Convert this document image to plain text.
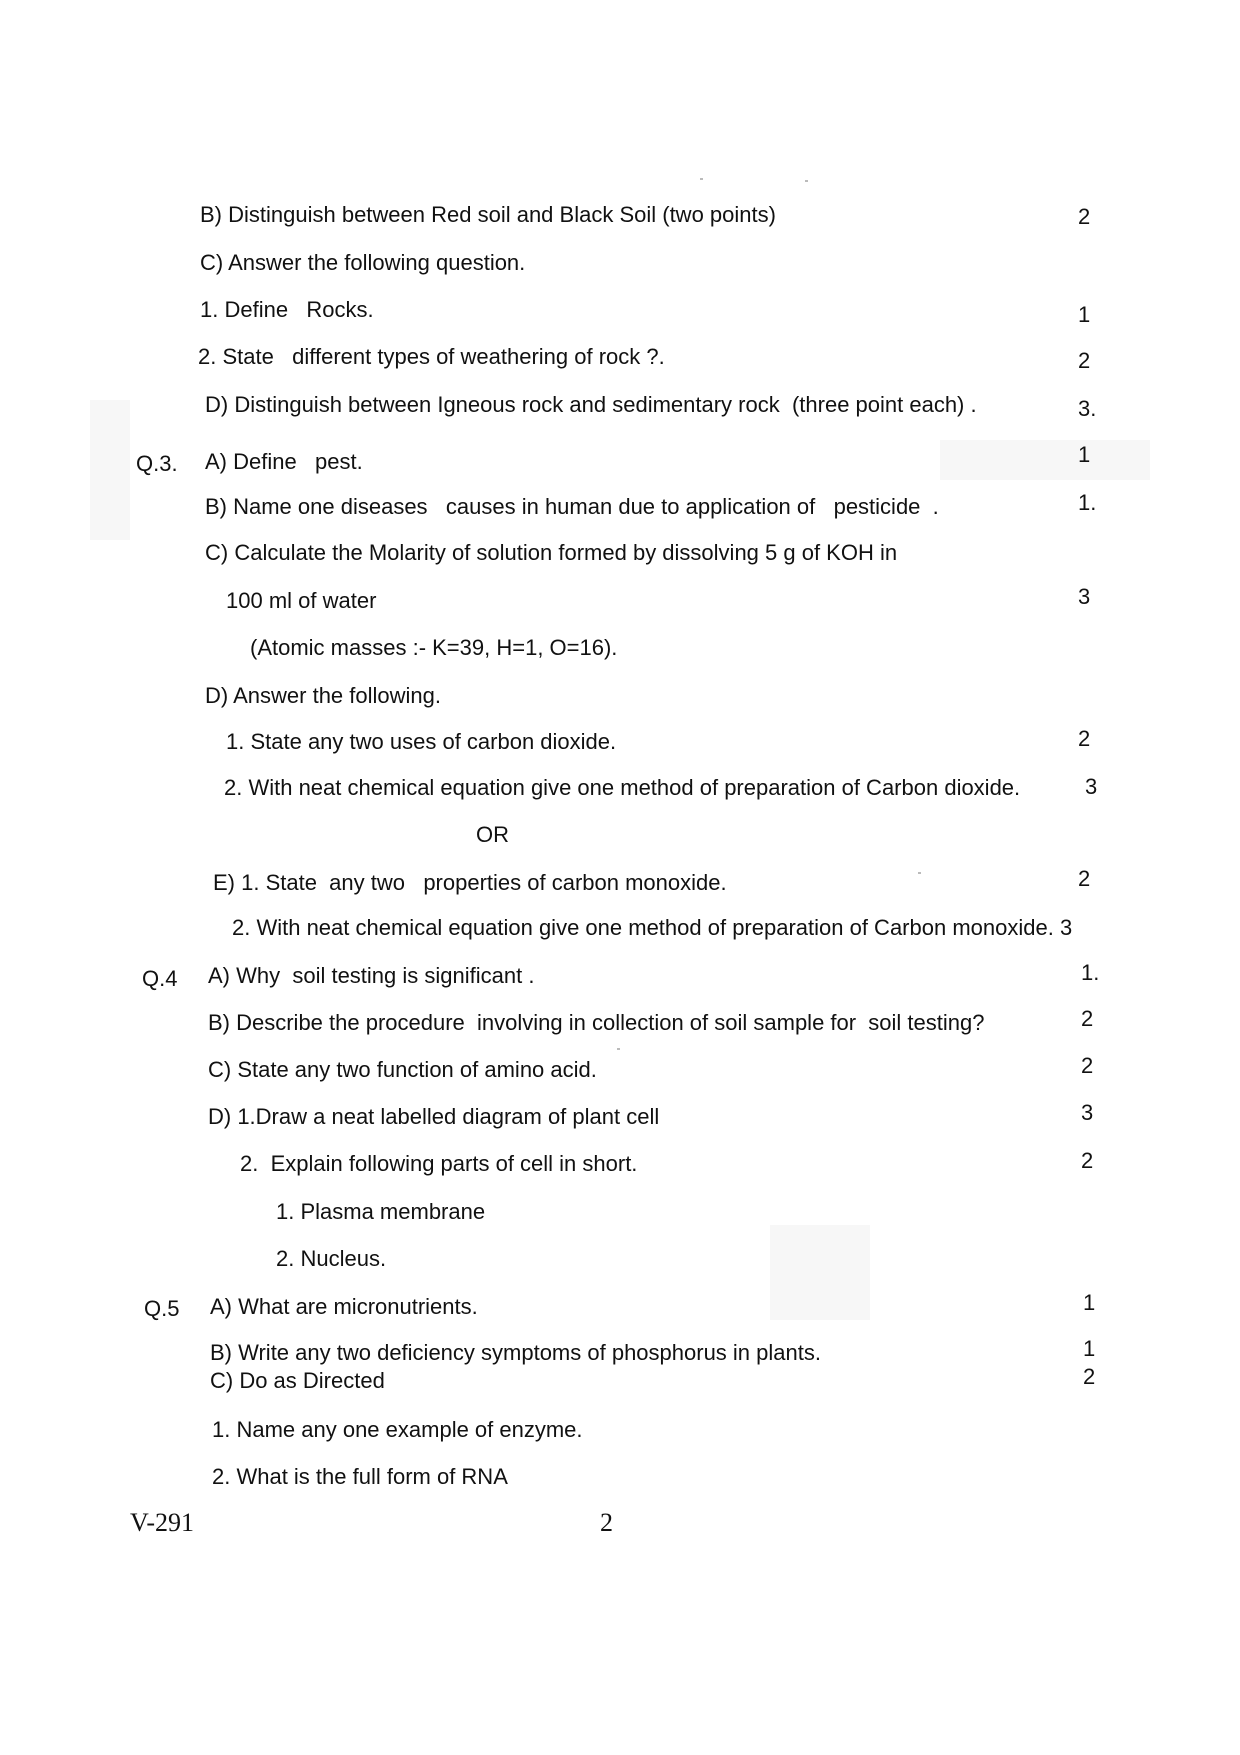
B) Distinguish between Red soil and Black Soil (two points)	2
C) Answer the following question.
1. Define   Rocks.	1
2. State   different types of weathering of rock ?.	2
D) Distinguish between Igneous rock and sedimentary rock  (three point each) .	3.
Q.3. A) Define   pest.	1
B) Name one diseases   causes in human due to application of   pesticide  .	1.
C) Calculate the Molarity of solution formed by dissolving 5 g of KOH in
100 ml of water	3
(Atomic masses :- K=39, H=1, O=16).
D) Answer the following.
1. State any two uses of carbon dioxide.	2
2. With neat chemical equation give one method of preparation of Carbon dioxide.	3
OR
E) 1. State  any two   properties of carbon monoxide.	2
2. With neat chemical equation give one method of preparation of Carbon monoxide. 3
Q.4 A) Why  soil testing is significant .	1.
B) Describe the procedure  involving in collection of soil sample for  soil testing?	2
C) State any two function of amino acid.	2
D) 1.Draw a neat labelled diagram of plant cell	3
2.  Explain following parts of cell in short.	2
1. Plasma membrane
2. Nucleus.
Q.5 A) What are micronutrients.	1
B) Write any two deficiency symptoms of phosphorus in plants.	1
C) Do as Directed	2
1. Name any one example of enzyme.
2. What is the full form of RNA
V-291	2
